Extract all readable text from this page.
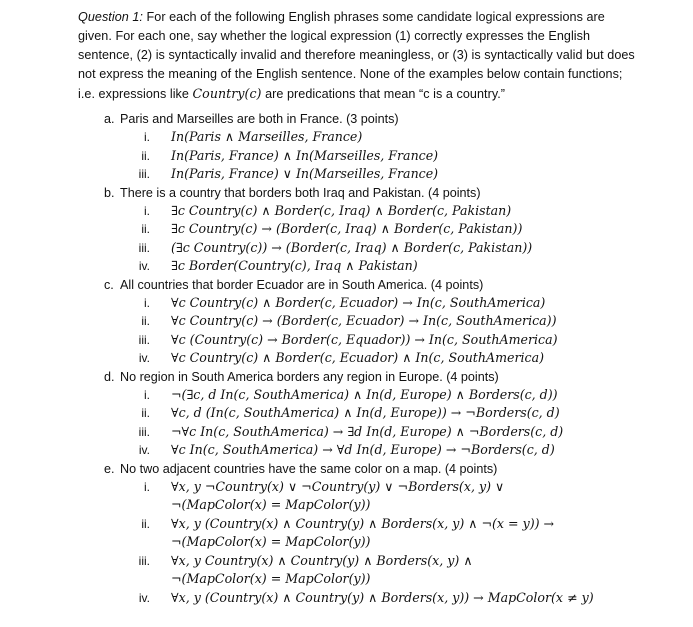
Question 1: For each of the following English phrases some candidate logical expressions are given. For each one, say whether the logical expression (1) correctly expresses the English sentence, (2) is syntactically invalid and therefore meaningless, or (3) is syntactically valid but does not express the meaning of the English sentence. None of the examples below contain functions; i.e. expressions like Country(c) are predications that mean “c is a country.”

a. Paris and Marseilles are both in France. (3 points)
i. In(Paris ∧ Marseilles, France)
ii. In(Paris, France) ∧ In(Marseilles, France)
iii. In(Paris, France) ∨ In(Marseilles, France)
b. There is a country that borders both Iraq and Pakistan. (4 points)
i. ∃c Country(c) ∧ Border(c, Iraq) ∧ Border(c, Pakistan)
ii. ∃c Country(c) → (Border(c, Iraq) ∧ Border(c, Pakistan))
iii. (∃c Country(c)) → (Border(c, Iraq) ∧ Border(c, Pakistan))
iv. ∃c Border(Country(c), Iraq ∧ Pakistan)
c. All countries that border Ecuador are in South America. (4 points)
i. ∀c Country(c) ∧ Border(c, Ecuador) → In(c, SouthAmerica)
ii. ∀c Country(c) → (Border(c, Ecuador) → In(c, SouthAmerica))
iii. ∀c (Country(c) → Border(c, Equador)) → In(c, SouthAmerica)
iv. ∀c Country(c) ∧ Border(c, Ecuador) ∧ In(c, SouthAmerica)
d. No region in South America borders any region in Europe. (4 points)
i. ¬(∃c, d In(c, SouthAmerica) ∧ In(d, Europe) ∧ Borders(c, d))
ii. ∀c, d (In(c, SouthAmerica) ∧ In(d, Europe)) → ¬Borders(c, d)
iii. ¬∀c In(c, SouthAmerica) → ∃d In(d, Europe) ∧ ¬Borders(c, d)
iv. ∀c In(c, SouthAmerica) → ∀d In(d, Europe) → ¬Borders(c, d)
e. No two adjacent countries have the same color on a map. (4 points)
i. ∀x, y ¬Country(x) ∨ ¬Country(y) ∨ ¬Borders(x, y) ∨
¬(MapColor(x) = MapColor(y))
ii. ∀x, y (Country(x) ∧ Country(y) ∧ Borders(x, y) ∧ ¬(x = y)) →
¬(MapColor(x) = MapColor(y))
iii. ∀x, y Country(x) ∧ Country(y) ∧ Borders(x, y) ∧
¬(MapColor(x) = MapColor(y))
iv. ∀x, y (Country(x) ∧ Country(y) ∧ Borders(x, y)) → MapColor(x ≠ y)
